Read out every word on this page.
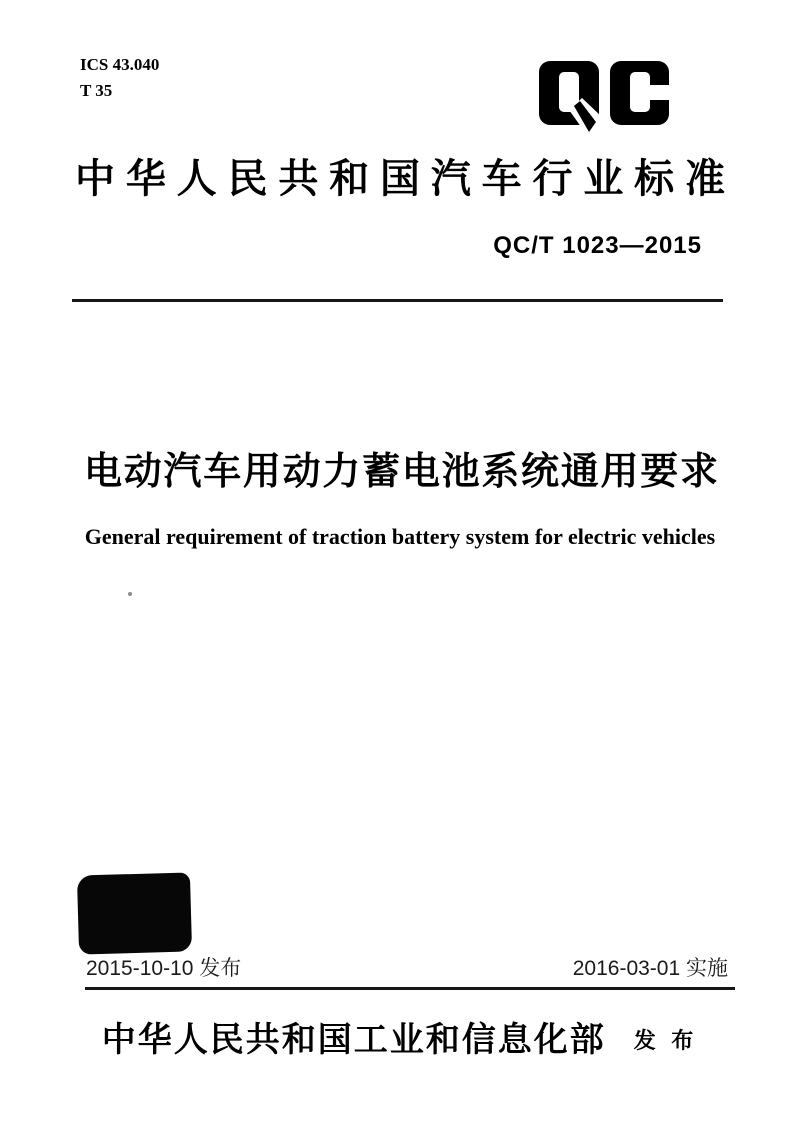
ICS 43.040
T 35
中华人民共和国汽车行业标准
QC/T 1023—2015
电动汽车用动力蓄电池系统通用要求
General requirement of traction battery system for electric vehicles
2015-10-10 发布	2016-03-01 实施
中华人民共和国工业和信息化部 发 布
